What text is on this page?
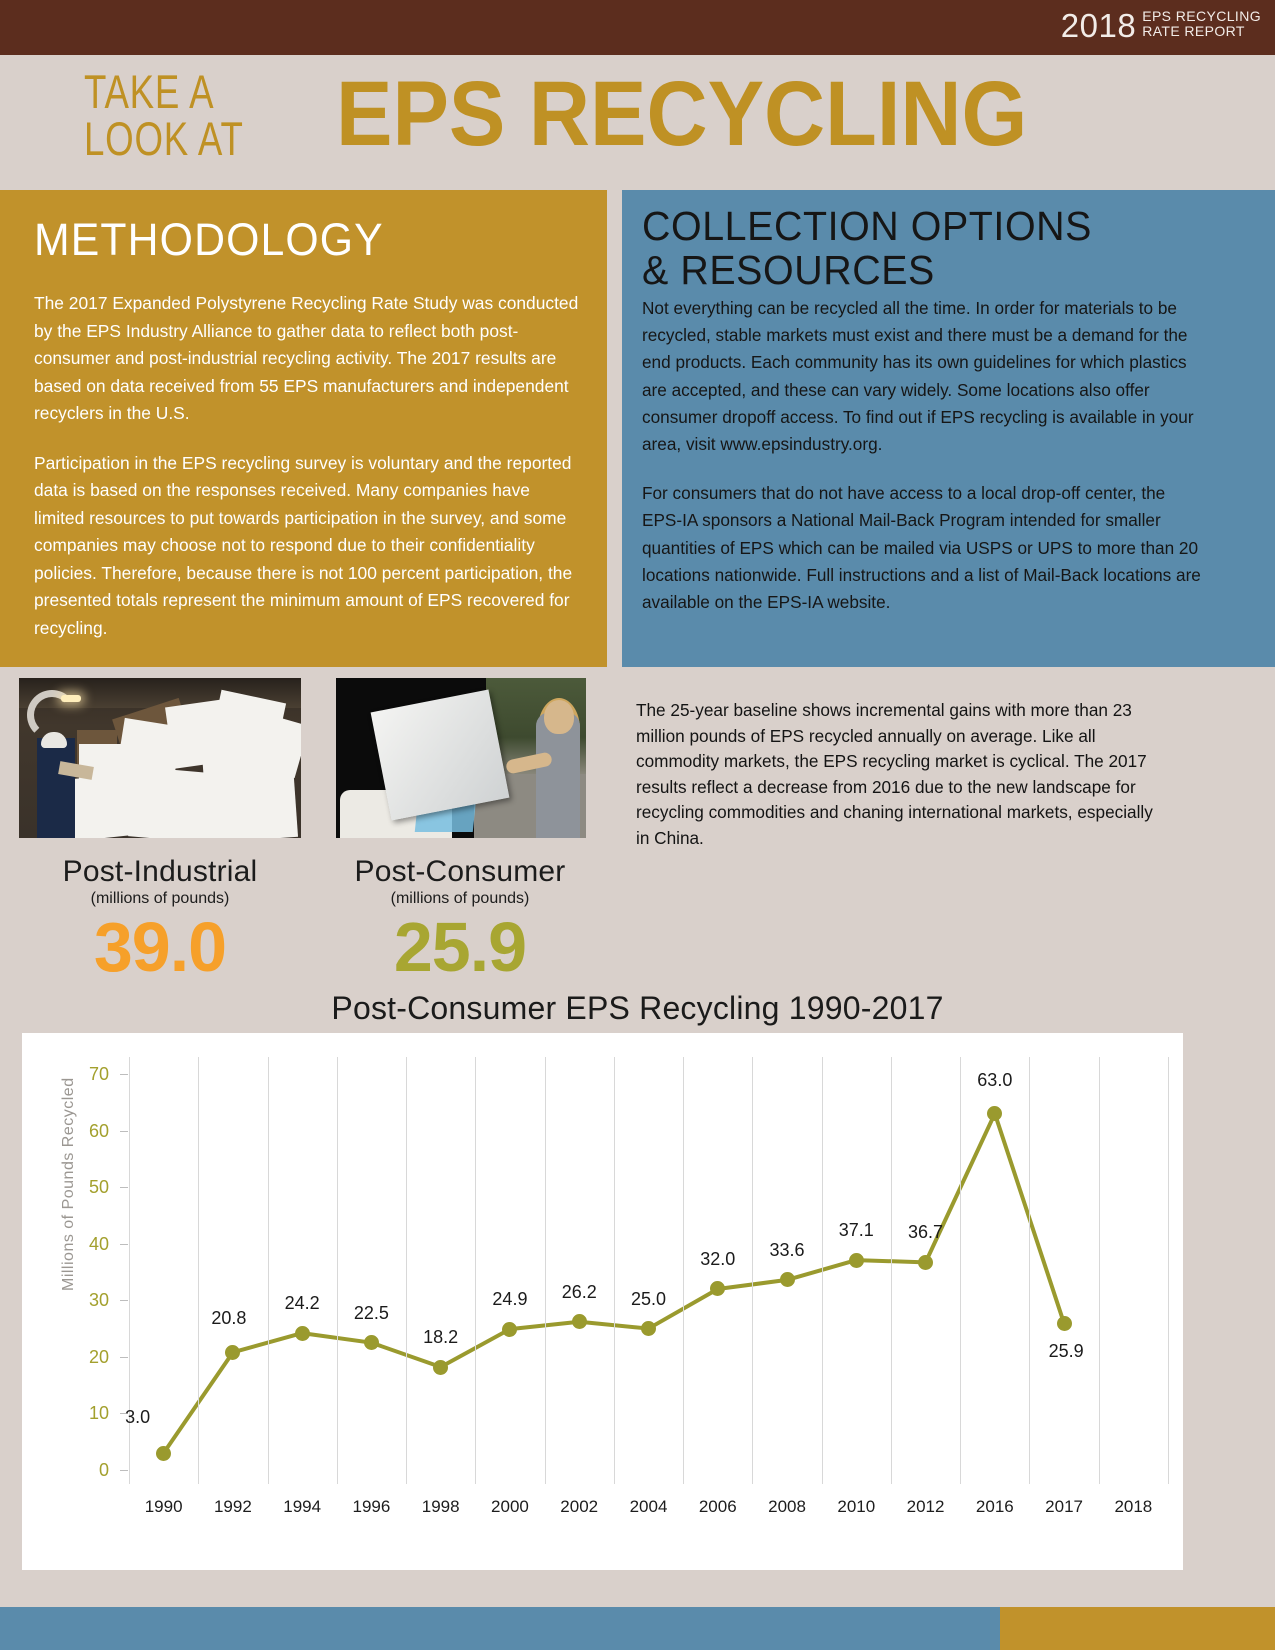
2018 EPS RECYCLING
RATE REPORT
TAKE A
LOOK AT EPS RECYCLING
METHODOLOGY

The 2017 Expanded Polystyrene Recycling Rate Study was conducted by the EPS Industry Alliance to gather data to reflect both post-consumer and post-industrial recycling activity. The 2017 results are based on data received from 55 EPS manufacturers and independent recyclers in the U.S.

Participation in the EPS recycling survey is voluntary and the reported data is based on the responses received. Many companies have limited resources to put towards participation in the survey, and some companies may choose not to respond due to their confidentiality policies. Therefore, because there is not 100 percent participation, the presented totals represent the minimum amount of EPS recovered for recycling.

COLLECTION OPTIONS
& RESOURCES

Not everything can be recycled all the time. In order for materials to be recycled, stable markets must exist and there must be a demand for the end products. Each community has its own guidelines for which plastics are accepted, and these can vary widely. Some locations also offer consumer dropoff access. To find out if EPS recycling is available in your area, visit www.epsindustry.org.

For consumers that do not have access to a local drop-off center, the EPS-IA sponsors a National Mail-Back Program intended for smaller quantities of EPS which can be mailed via USPS or UPS to more than 20 locations nationwide. Full instructions and a list of Mail-Back locations are available on the EPS-IA website.

Post-Industrial
(millions of pounds)
39.0
Post-Consumer
(millions of pounds)
25.9
The 25-year baseline shows incremental gains with more than 23 million pounds of EPS recycled annually on average. Like all commodity markets, the EPS recycling market is cyclical. The 2017 results reflect a decrease from 2016 due to the new landscape for recycling commodities and chaning international markets, especially in China.
Post-Consumer EPS Recycling 1990-2017
Millions of Pounds Recycled
0
10
20
30
40
50
60
70
1990	1992	1994	1996	1998	2000	2002	2004	2006	2008	2010	2012	2016	2017	2018
3.0
20.8
24.2	22.5
18.2
24.9	26.2	25.0
32.0	33.6
37.1	36.7
63.0
25.9
